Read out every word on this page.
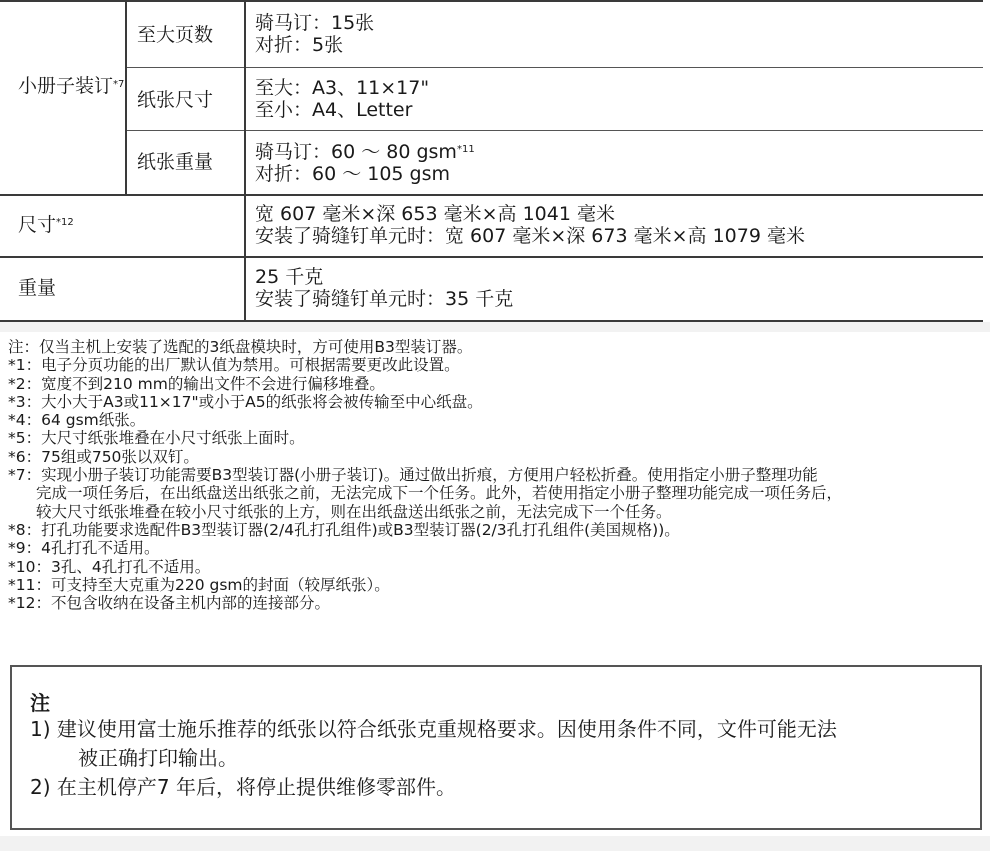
小册子装订$^{*7}$
至大页数
骑马订：15张
对折：5张
纸张尺寸
至大：A3、11×17"
至小：A4、Letter
纸张重量 骑马订：60 ～ 80 gsm$^{*11}$
对折：60 ～ 105 gsm
尺寸$^{*12}$	宽 607 毫米×深 653 毫米×高 1041 毫米
安装了骑缝钉单元时：宽 607 毫米×深 673 毫米×高 1079 毫米
重量	25 千克
安装了骑缝钉单元时：35 千克
注：仅当主机上安装了选配的3纸盘模块时，方可使用B3型装订器。
*1：电子分页功能的出厂默认值为禁用。可根据需要更改此设置。
*2：宽度不到210 mm的输出文件不会进行偏移堆叠。
*3：大小大于A3或11×17"或小于A5的纸张将会被传输至中心纸盘。
*4：64 gsm纸张。
*5：大尺寸纸张堆叠在小尺寸纸张上面时。
*6：75组或750张以双钉。
*7：实现小册子装订功能需要B3型装订器(小册子装订)。通过做出折痕，方便用户轻松折叠。使用指定小册子整理功能
完成一项任务后，在出纸盘送出纸张之前，无法完成下一个任务。此外，若使用指定小册子整理功能完成一项任务后，
较大尺寸纸张堆叠在较小尺寸纸张的上方，则在出纸盘送出纸张之前，无法完成下一个任务。
*8：打孔功能要求选配件B3型装订器(2/4孔打孔组件)或B3型装订器(2/3孔打孔组件(美国规格))。
*9：4孔打孔不适用。
*10：3孔、4孔打孔不适用。
*11：可支持至大克重为220 gsm的封面（较厚纸张）。
*12：不包含收纳在设备主机内部的连接部分。
注
1) 建议使用富士施乐推荐的纸张以符合纸张克重规格要求。因使用条件不同，文件可能无法
被正确打印输出。
2) 在主机停产7 年后，将停止提供维修零部件。
